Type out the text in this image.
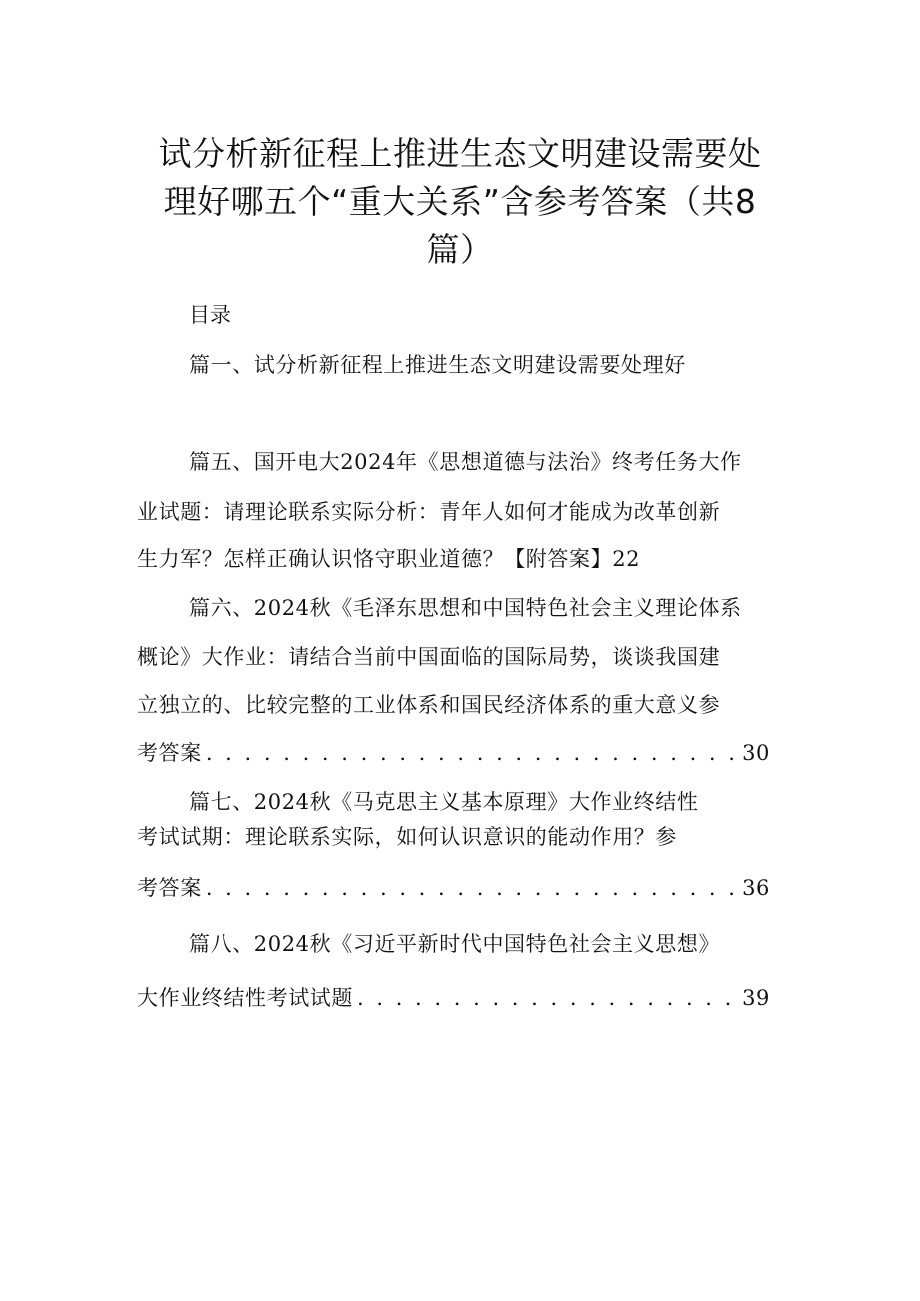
试分析新征程上推进生态文明建设需要处
理好哪五个“重大关系”含参考答案（共8
篇）
目录
篇一、试分析新征程上推进生态文明建设需要处理好
篇五、国开电大2024年《思想道德与法治》终考任务大作
业试题：请理论联系实际分析：青年人如何才能成为改革创新
生力军？怎样正确认识恪守职业道德？【附答案】22
篇六、2024秋《毛泽东思想和中国特色社会主义理论体系
概论》大作业：请结合当前中国面临的国际局势，谈谈我国建
立独立的、比较完整的工业体系和国民经济体系的重大意义参
考答案 . . .	30
篇七、2024秋《马克思主义基本原理》大作业终结性
考试试期：理论联系实际，如何认识意识的能动作用？参
考答案 . . .	36
篇八、2024秋《习近平新时代中国特色社会主义思想》
大作业终结性考试试题 . . .	39
